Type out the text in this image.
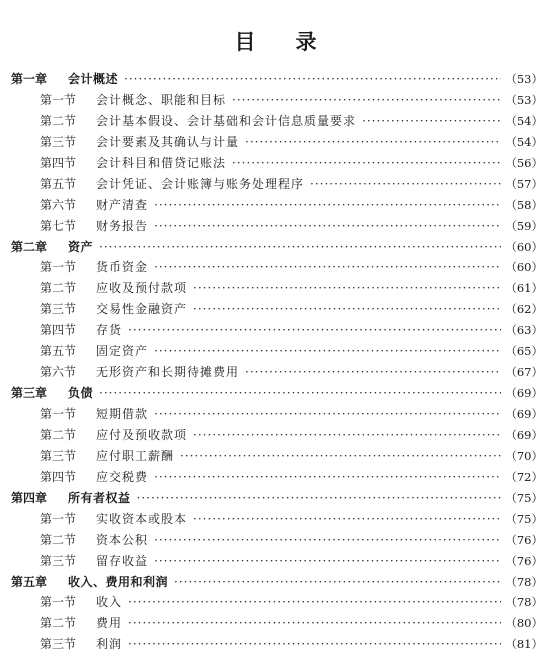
目录
第一章	会计概述 ·····	（53）
第一节	会计概念、职能和目标 ·····	（53）
第二节	会计基本假设、会计基础和会计信息质量要求 ·····	（54）
第三节	会计要素及其确认与计量 ·····	（54）
第四节	会计科目和借贷记账法 ·····	（56）
第五节	会计凭证、会计账簿与账务处理程序 ·····	（57）
第六节	财产清查 ·····	（58）
第七节	财务报告 ·····	（59）
第二章	资产 ·····	（60）
第一节	货币资金 ·····	（60）
第二节	应收及预付款项 ·····	（61）
第三节	交易性金融资产 ·····	（62）
第四节	存货 ·····	（63）
第五节	固定资产 ·····	（65）
第六节	无形资产和长期待摊费用 ·····	（67）
第三章	负债 ·····	（69）
第一节	短期借款 ·····	（69）
第二节	应付及预收款项 ·····	（69）
第三节	应付职工薪酬 ·····	（70）
第四节	应交税费 ·····	（72）
第四章	所有者权益 ·····	（75）
第一节	实收资本或股本 ·····	（75）
第二节	资本公积 ·····	（76）
第三节	留存收益 ·····	（76）
第五章	收入、费用和利润 ·····	（78）
第一节	收入 ·····	（78）
第二节	费用 ·····	（80）
第三节	利润 ·····	（81）
